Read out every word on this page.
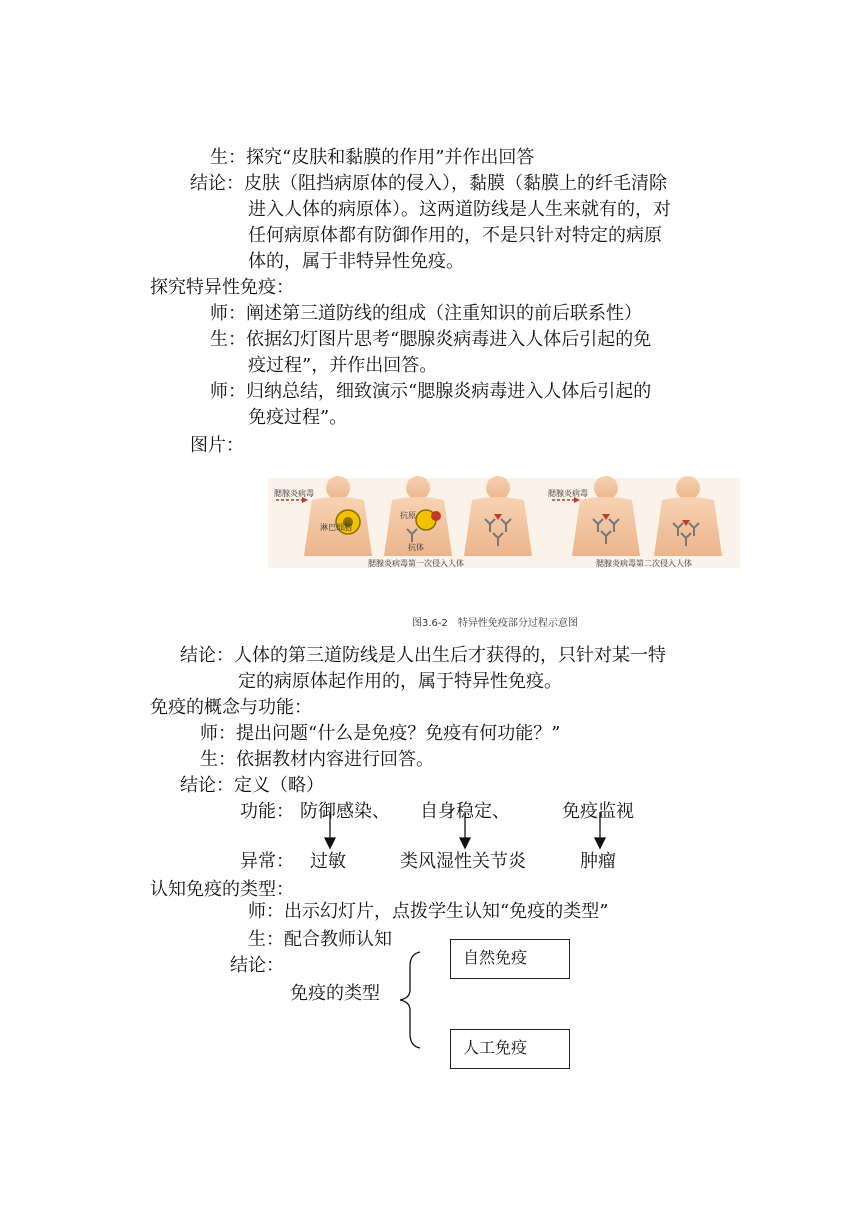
生：探究“皮肤和黏膜的作用”并作出回答
结论：皮肤（阻挡病原体的侵入），黏膜（黏膜上的纤毛清除
进入人体的病原体）。这两道防线是人生来就有的，对
任何病原体都有防御作用的，不是只针对特定的病原
体的，属于非特异性免疫。
探究特异性免疫：
师：阐述第三道防线的组成（注重知识的前后联系性）
生：依据幻灯图片思考“腮腺炎病毒进入人体后引起的免
疫过程”，并作出回答。
师：归纳总结，细致演示“腮腺炎病毒进入人体后引起的
免疫过程”。
图片：
腮腺炎病毒	腮腺炎病毒
淋巴细胞
抗原
抗体
腮腺炎病毒第一次侵入人体	腮腺炎病毒第二次侵入人体
图3.6-2　特异性免疫部分过程示意图
结论：人体的第三道防线是人出生后才获得的，只针对某一特
定的病原体起作用的，属于特异性免疫。
免疫的概念与功能：
师：提出问题“什么是免疫？免疫有何功能？”
生：依据教材内容进行回答。
结论：定义（略）
功能： 防御感染、 自身稳定、	免疫监视
异常： 过敏	类风湿性关节炎	肿瘤
认知免疫的类型：
师：出示幻灯片，点拨学生认知“免疫的类型”
生：配合教师认知
结论：
免疫的类型
自然免疫
人工免疫
